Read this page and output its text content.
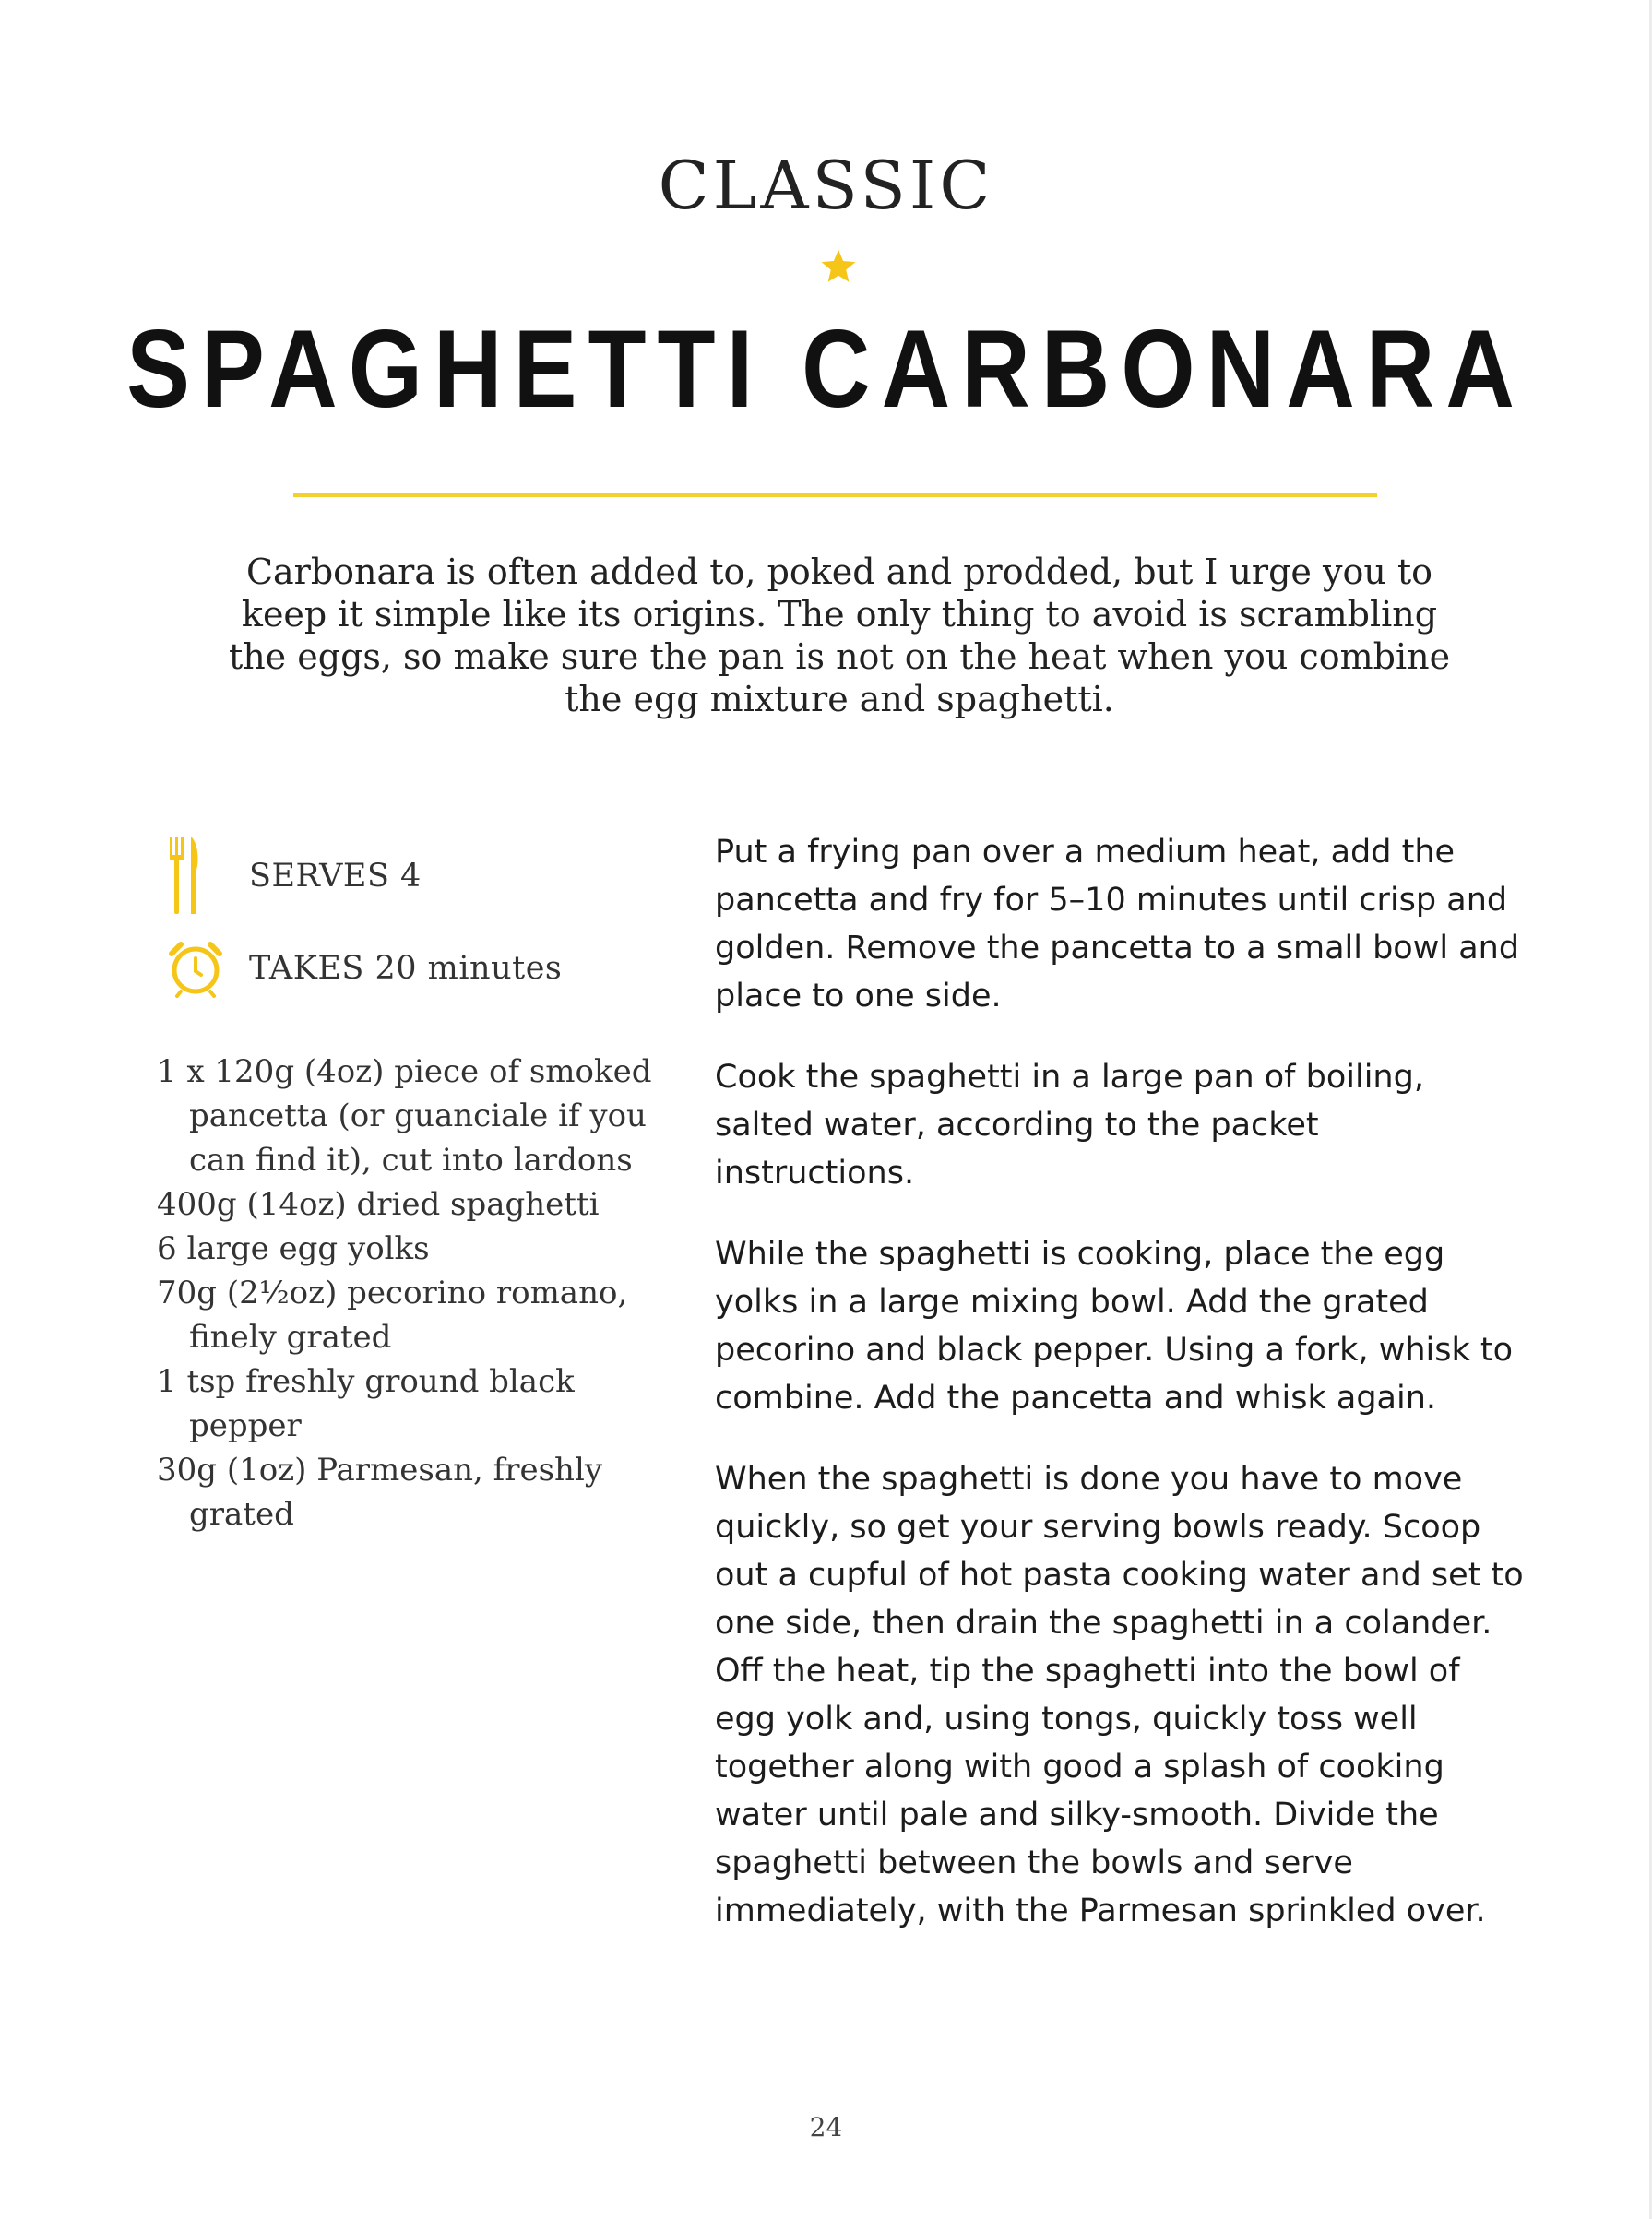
CLASSIC
SPAGHETTI CARBONARA

Carbonara is often added to, poked and prodded, but I urge you to keep it simple like its origins. The only thing to avoid is scrambling the eggs, so make sure the pan is not on the heat when you combine the egg mixture and spaghetti.

SERVES 4
TAKES 20 minutes
1 x 120g (4oz) piece of smoked pancetta (or guanciale if you can find it), cut into lardons
400g (14oz) dried spaghetti
6 large egg yolks
70g (2½oz) pecorino romano, finely grated
1 tsp freshly ground black pepper
30g (1oz) Parmesan, freshly grated

Put a frying pan over a medium heat, add the pancetta and fry for 5–10 minutes until crisp and golden. Remove the pancetta to a small bowl and place to one side.

Cook the spaghetti in a large pan of boiling, salted water, according to the packet instructions.

While the spaghetti is cooking, place the egg yolks in a large mixing bowl. Add the grated pecorino and black pepper. Using a fork, whisk to combine. Add the pancetta and whisk again.

When the spaghetti is done you have to move quickly, so get your serving bowls ready. Scoop out a cupful of hot pasta cooking water and set to one side, then drain the spaghetti in a colander. Off the heat, tip the spaghetti into the bowl of egg yolk and, using tongs, quickly toss well together along with good a splash of cooking water until pale and silky-smooth. Divide the spaghetti between the bowls and serve immediately, with the Parmesan sprinkled over.

24
